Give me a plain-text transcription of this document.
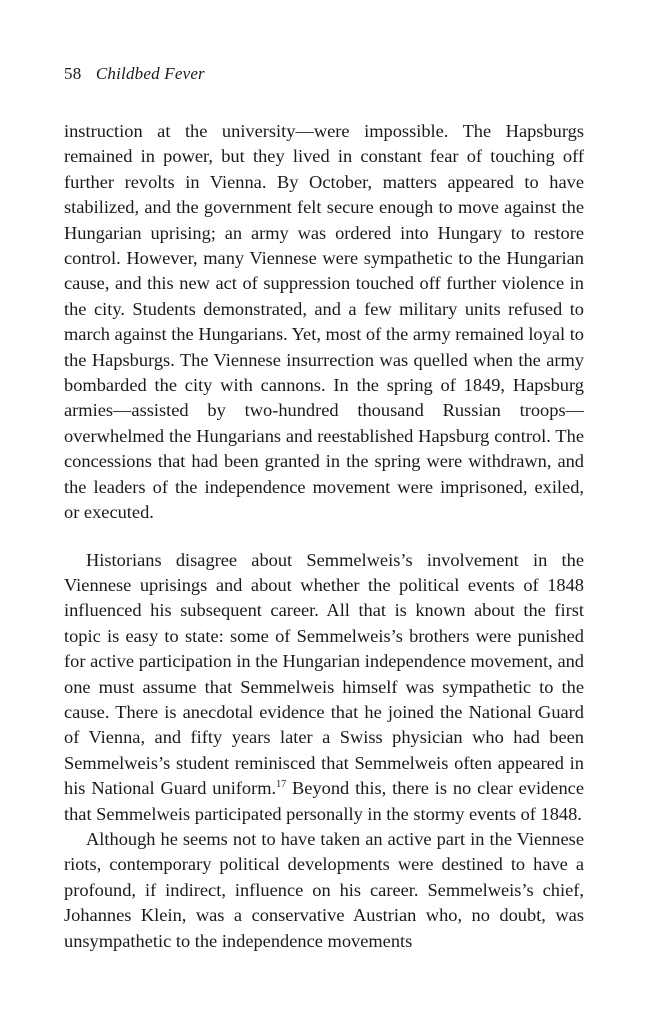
58 Childbed Fever

instruction at the university—were impossible. The Hapsburgs remained in power, but they lived in constant fear of touching off further revolts in Vienna. By October, matters appeared to have stabilized, and the government felt secure enough to move against the Hungarian uprising; an army was ordered into Hungary to restore control. However, many Viennese were sympathetic to the Hungarian cause, and this new act of suppression touched off further violence in the city. Students demonstrated, and a few military units refused to march against the Hungarians. Yet, most of the army remained loyal to the Hapsburgs. The Viennese insurrection was quelled when the army bombarded the city with cannons. In the spring of 1849, Hapsburg armies—assisted by two-hundred thousand Russian troops—overwhelmed the Hungarians and reestablished Hapsburg control. The concessions that had been granted in the spring were withdrawn, and the leaders of the independence movement were imprisoned, exiled, or executed.

Historians disagree about Semmelweis’s involvement in the Viennese uprisings and about whether the political events of 1848 influenced his subsequent career. All that is known about the first topic is easy to state: some of Semmelweis’s brothers were punished for active participation in the Hungarian independence movement, and one must assume that Semmelweis himself was sympathetic to the cause. There is anecdotal evidence that he joined the National Guard of Vienna, and fifty years later a Swiss physician who had been Semmelweis’s student reminisced that Semmelweis often appeared in his National Guard uniform.$^{17}$ Beyond this, there is no clear evidence that Semmelweis participated personally in the stormy events of 1848.

Although he seems not to have taken an active part in the Viennese riots, contemporary political developments were destined to have a profound, if indirect, influence on his career. Semmelweis’s chief, Johannes Klein, was a conservative Austrian who, no doubt, was unsympathetic to the independence movements
